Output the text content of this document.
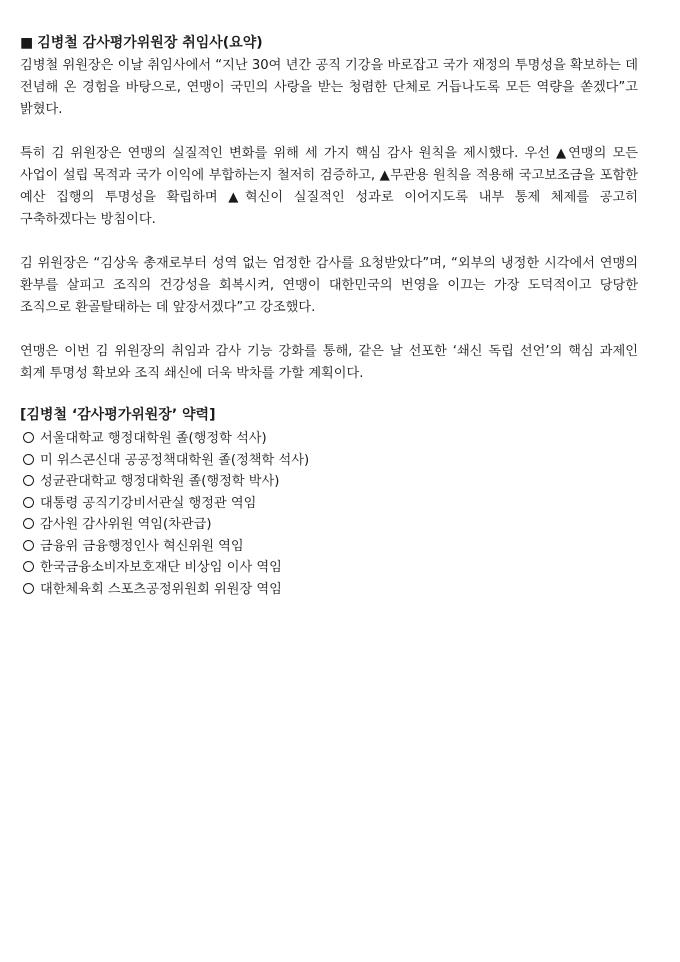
■ 김병철 감사평가위원장 취임사(요약)

김병철 위원장은 이날 취임사에서 “지난 30여 년간 공직 기강을 바로잡고 국가 재정의 투명성을 확보하는 데 전념해 온 경험을 바탕으로, 연맹이 국민의 사랑을 받는 청렴한 단체로 거듭나도록 모든 역량을 쏟겠다”고 밝혔다.

특히 김 위원장은 연맹의 실질적인 변화를 위해 세 가지 핵심 감사 원칙을 제시했다. 우선 ▲연맹의 모든 사업이 설립 목적과 국가 이익에 부합하는지 철저히 검증하고, ▲무관용 원칙을 적용해 국고보조금을 포함한 예산 집행의 투명성을 확립하며 ▲혁신이 실질적인 성과로 이어지도록 내부 통제 체제를 공고히 구축하겠다는 방침이다.

김 위원장은 “김상욱 총재로부터 성역 없는 엄정한 감사를 요청받았다”며, “외부의 냉정한 시각에서 연맹의 환부를 살피고 조직의 건강성을 회복시켜, 연맹이 대한민국의 번영을 이끄는 가장 도덕적이고 당당한 조직으로 환골탈태하는 데 앞장서겠다”고 강조했다.

연맹은 이번 김 위원장의 취임과 감사 기능 강화를 통해, 같은 날 선포한 ‘쇄신 독립 선언’의 핵심 과제인 회계 투명성 확보와 조직 쇄신에 더욱 박차를 가할 계획이다.

[김병철 ‘감사평가위원장’ 약력]
서울대학교 행정대학원 졸(행정학 석사)
미 위스콘신대 공공정책대학원 졸(정책학 석사)
성균관대학교 행정대학원 졸(행정학 박사)
대통령 공직기강비서관실 행정관 역임
감사원 감사위원 역임(차관급)
금융위 금융행정인사 혁신위원 역임
한국금융소비자보호재단 비상임 이사 역임
대한체육회 스포츠공정위원회 위원장 역임
